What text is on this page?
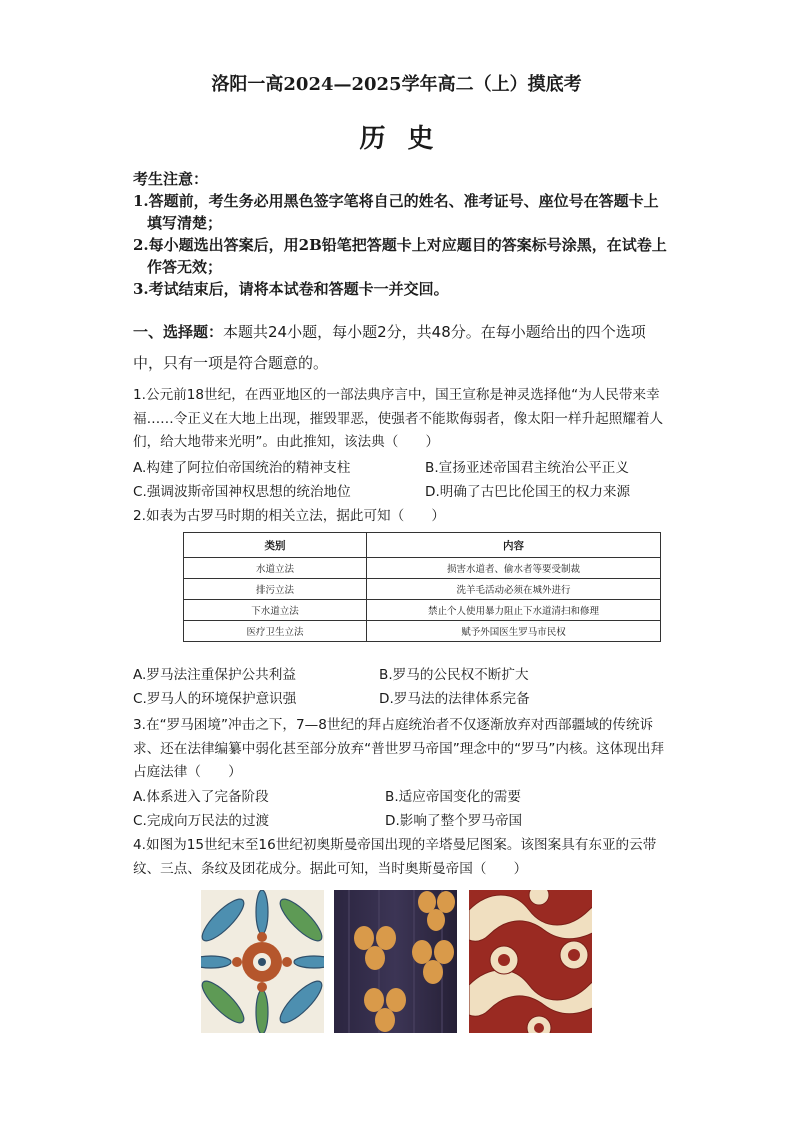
洛阳一高2024—2025学年高二（上）摸底考
历史
考生注意：
1.答题前，考生务必用黑色签字笔将自己的姓名、准考证号、座位号在答题卡上填写清楚；
2.每小题选出答案后，用2B铅笔把答题卡上对应题目的答案标号涂黑，在试卷上作答无效；
3.考试结束后，请将本试卷和答题卡一并交回。
一、选择题：本题共24小题，每小题2分，共48分。在每小题给出的四个选项中，只有一项是符合题意的。
1.公元前18世纪，在西亚地区的一部法典序言中，国王宣称是神灵选择他“为人民带来幸福……令正义在大地上出现，摧毁罪恶，使强者不能欺侮弱者，像太阳一样升起照耀着人们，给大地带来光明”。由此推知，该法典（　　）
A.构建了阿拉伯帝国统治的精神支柱	B.宣扬亚述帝国君主统治公平正义
C.强调波斯帝国神权思想的统治地位	D.明确了古巴比伦国王的权力来源
2.如表为古罗马时期的相关立法，据此可知（　　）
类别	内容
水道立法	损害水道者、偷水者等要受制裁
排污立法	洗羊毛活动必须在城外进行
下水道立法	禁止个人使用暴力阻止下水道清扫和修理
医疗卫生立法	赋予外国医生罗马市民权
A.罗马法注重保护公共利益	B.罗马的公民权不断扩大
C.罗马人的环境保护意识强	D.罗马法的法律体系完备
3.在“罗马困境”冲击之下，7—8世纪的拜占庭统治者不仅逐渐放弃对西部疆域的传统诉求、还在法律编纂中弱化甚至部分放弃“普世罗马帝国”理念中的“罗马”内核。这体现出拜占庭法律（　　）
A.体系进入了完备阶段	B.适应帝国变化的需要
C.完成向万民法的过渡	D.影响了整个罗马帝国
4.如图为15世纪末至16世纪初奥斯曼帝国出现的辛塔曼尼图案。该图案具有东亚的云带纹、三点、条纹及团花成分。据此可知，当时奥斯曼帝国（　　）
